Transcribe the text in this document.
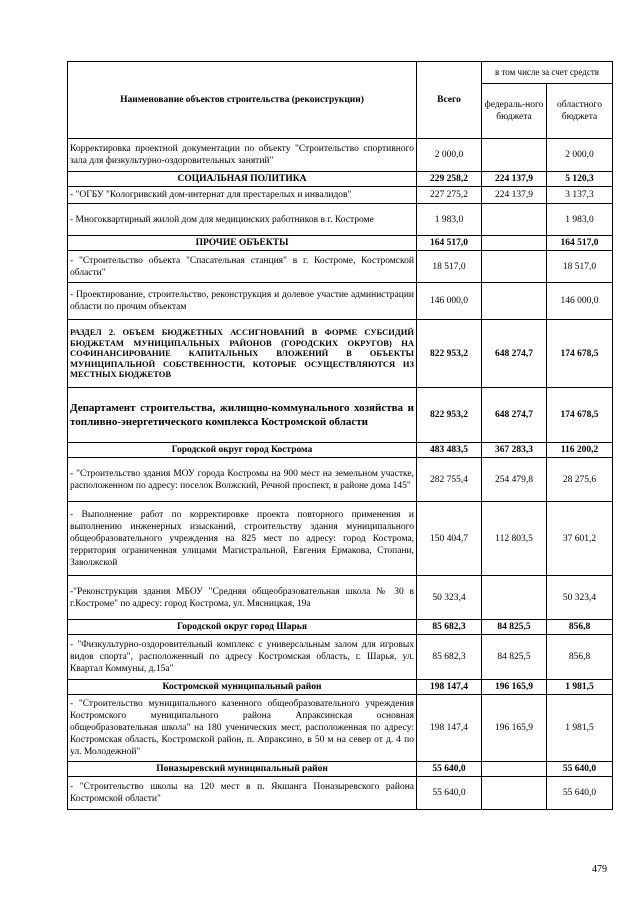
Наименование объектов строительства (реконструкции)	Всего	в том числе за счет средств	
		федераль-ного бюджета	областного бюджета
Корректировка проектной документации по объекту "Строительство спортивного зала для физкультурно-оздоровительных занятий"	2 000,0		2 000,0
СОЦИАЛЬНАЯ ПОЛИТИКА	229 258,2	224 137,9	5 120,3
- "ОГБУ "Кологривский дом-интернат для престарелых и инвалидов"	227 275,2	224 137,9	3 137,3
- Многоквартирный жилой дом для медицинских работников в г. Костроме	1 983,0		1 983,0
ПРОЧИЕ ОБЪЕКТЫ	164 517,0		164 517,0
- "Строительство объекта "Спасательная станция" в г. Костроме, Костромской области"	18 517,0		18 517,0
- Проектирование, строительство, реконструкция и долевое участие администрации области по прочим объектам	146 000,0		146 000,0
РАЗДЕЛ 2. ОБЪЕМ БЮДЖЕТНЫХ АССИГНОВАНИЙ В ФОРМЕ СУБСИДИЙ БЮДЖЕТАМ МУНИЦИПАЛЬНЫХ РАЙОНОВ (ГОРОДСКИХ ОКРУГОВ) НА СОФИНАНСИРОВАНИЕ КАПИТАЛЬНЫХ ВЛОЖЕНИЙ В ОБЪЕКТЫ МУНИЦИПАЛЬНОЙ СОБСТВЕННОСТИ, КОТОРЫЕ ОСУЩЕСТВЛЯЮТСЯ ИЗ МЕСТНЫХ БЮДЖЕТОВ	822 953,2	648 274,7	174 678,5
Департамент строительства, жилищно-коммунального хозяйства и топливно-энергетического комплекса Костромской области	822 953,2	648 274,7	174 678,5
Городской округ город Кострома	483 483,5	367 283,3	116 200,2
- "Строительство здания МОУ города Костромы на 900 мест на земельном участке, расположенном по адресу: поселок Волжский, Речной проспект, в районе дома 145"	282 755,4	254 479,8	28 275,6
- Выполнение работ по корректировке проекта повторного применения и выполнению инженерных изысканий, строительству здания муниципального общеобразовательного учреждения на 825 мест по адресу: город Кострома, территория ограниченная улицами Магистральной, Евгения Ермакова, Стопани, Заволжской	150 404,7	112 803,5	37 601,2
-"Реконструкция здания МБОУ "Средняя общеобразовательная школа № 30 в г.Костроме" по адресу: город Кострома, ул. Мясницкая, 19а	50 323,4		50 323,4
Городской округ город Шарья	85 682,3	84 825,5	856,8
- "Физкультурно-оздоровительный комплекс с универсальным залом для игровых видов спорта", расположенный по адресу Костромская область, г. Шарья, ул. Квартал Коммуны, д.15а"	85 682,3	84 825,5	856,8
Костромской муниципальный район	198 147,4	196 165,9	1 981,5
- "Строительство муниципального казенного общеобразовательного учреждения Костромского муниципального района Апраксинская основная общеобразовательная школа" на 180 ученических мест, расположенная по адресу: Костромская область, Костромской район, п. Апраксино, в 50 м на север от д. 4 по ул. Молодежной"	198 147,4	196 165,9	1 981,5
Поназыревский муниципальный район	55 640,0		55 640,0
- "Строительство школы на 120 мест в п. Якшанга Поназыревского района Костромской области"	55 640,0		55 640,0
479
